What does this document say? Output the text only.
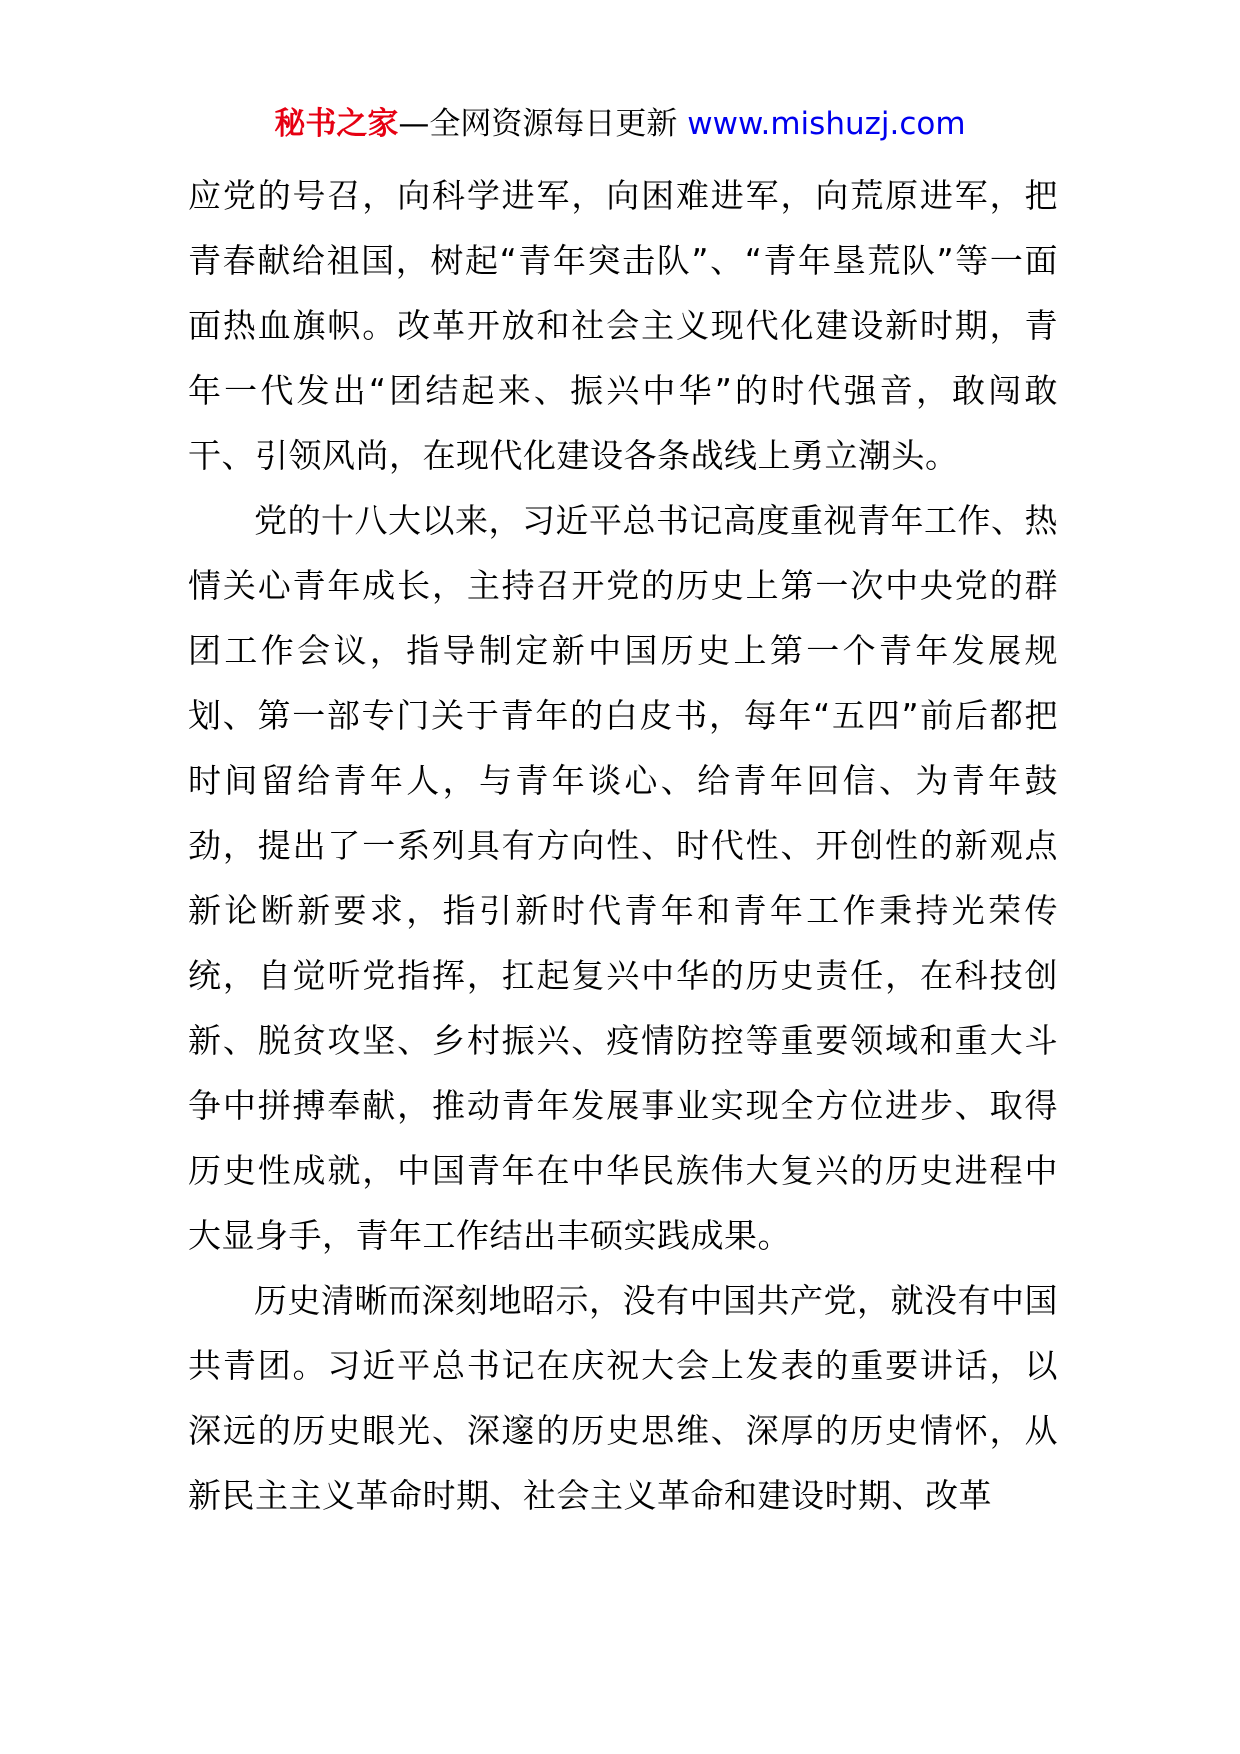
秘书之家—全网资源每日更新 www.mishuzj.com

应党的号召，向科学进军，向困难进军，向荒原进军，把青春献给祖国，树起“青年突击队”、“青年垦荒队”等一面面热血旗帜。改革开放和社会主义现代化建设新时期，青年一代发出“团结起来、振兴中华”的时代强音，敢闯敢干、引领风尚，在现代化建设各条战线上勇立潮头。

党的十八大以来，习近平总书记高度重视青年工作、热情关心青年成长，主持召开党的历史上第一次中央党的群团工作会议，指导制定新中国历史上第一个青年发展规划、第一部专门关于青年的白皮书，每年“五四”前后都把时间留给青年人，与青年谈心、给青年回信、为青年鼓劲，提出了一系列具有方向性、时代性、开创性的新观点新论断新要求，指引新时代青年和青年工作秉持光荣传统，自觉听党指挥，扛起复兴中华的历史责任，在科技创新、脱贫攻坚、乡村振兴、疫情防控等重要领域和重大斗争中拼搏奉献，推动青年发展事业实现全方位进步、取得历史性成就，中国青年在中华民族伟大复兴的历史进程中大显身手，青年工作结出丰硕实践成果。

历史清晰而深刻地昭示，没有中国共产党，就没有中国共青团。习近平总书记在庆祝大会上发表的重要讲话，以深远的历史眼光、深邃的历史思维、深厚的历史情怀，从新民主主义革命时期、社会主义革命和建设时期、改革
